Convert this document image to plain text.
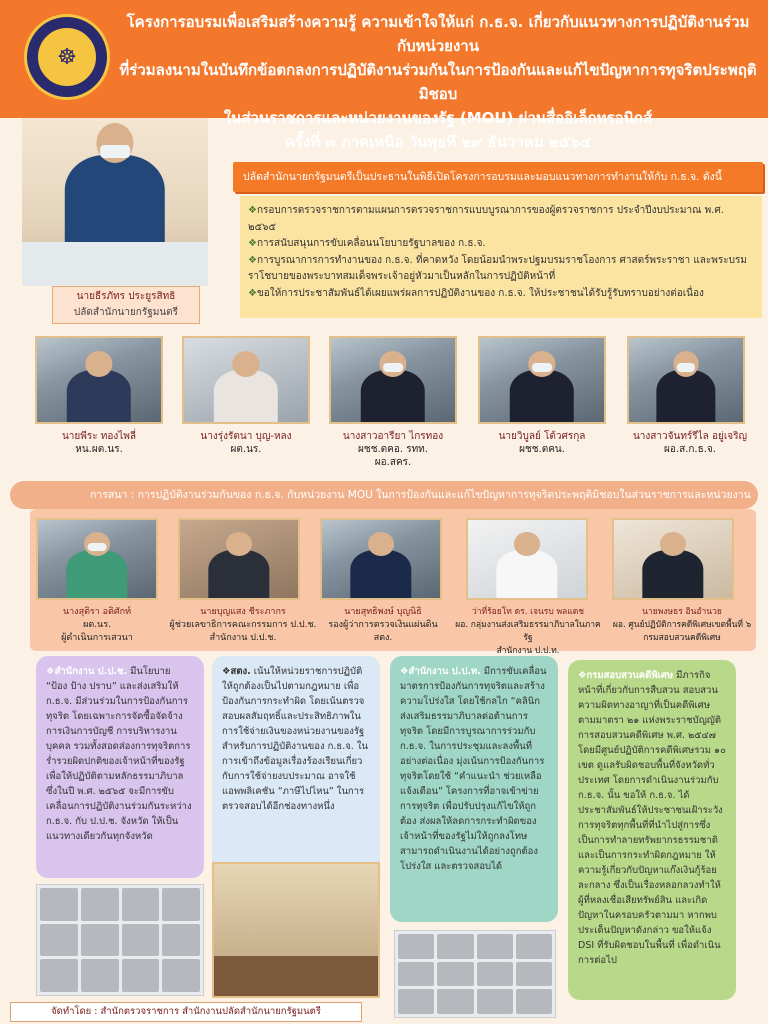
☸
โครงการอบรมเพื่อเสริมสร้างความรู้ ความเข้าใจให้แก่ ก.ธ.จ. เกี่ยวกับแนวทางการปฏิบัติงานร่วมกับหน่วยงาน
ที่ร่วมลงนามในบันทึกข้อตกลงการปฏิบัติงานร่วมกันในการป้องกันและแก้ไขปัญหาการทุจริตประพฤติมิชอบ
ในส่วนราชการและหน่วยงานของรัฐ (MOU) ผ่านสื่ออิเล็กทรอนิกส์
ครั้งที่ ๓ ภาคเหนือ วันพุธที่ ๒๙ ธันวาคม ๒๕๖๔
นายธีรภัทร ประยูรสิทธิ
ปลัดสำนักนายกรัฐมนตรี
ปลัดสำนักนายกรัฐมนตรีเป็นประธานในพิธีเปิดโครงการอบรมและมอบแนวทางการทำงานให้กับ ก.ธ.จ. ดังนี้

❖กรอบการตรวจราชการตามแผนการตรวจราชการแบบบูรณาการของผู้ตรวจราชการ ประจำปีงบประมาณ พ.ศ. ๒๕๖๕

❖การสนับสนุนการขับเคลื่อนนโยบายรัฐบาลของ ก.ธ.จ.

❖การบูรณาการการทำงานของ ก.ธ.จ. ที่คาดหวัง โดยน้อมนำพระปฐมบรมราชโองการ ศาสตร์พระราชา และพระบรมราโชบายของพระบาทสมเด็จพระเจ้าอยู่หัวมาเป็นหลักในการปฏิบัติหน้าที่

❖ขอให้การประชาสัมพันธ์ได้เผยแพร่ผลการปฏิบัติงานของ ก.ธ.จ. ให้ประชาชนได้รับรู้รับทราบอย่างต่อเนื่อง

นายพีระ ทองไพลี่
หน.ผต.นร.
นางรุ่งรัตนา บุญ-หลง
ผต.นร.
นางสาวอารียา ไกรทอง
ผชช.ตคอ. รทท.
ผอ.สคร.
นายวิบูลย์ โต้วศรกุล
ผชช.ตคน.
นางสาวจันทร์รีไล อยู่เจริญ
ผอ.ส.ก.ธ.จ.
การสนา : การปฏิบัติงานร่วมกันของ ก.ธ.จ. กับหน่วยงาน MOU ในการป้องกันและแก้ไขปัญหาการทุจริตประพฤติมิชอบในส่วนราชการและหน่วยงาน
นางสุติรา อติศักท์
ผต.นร.
ผู้ดำเนินการเสวนา
นายบุญแสง ชีระภากร
ผู้ช่วยเลขาธิการคณะกรรมการ ป.ป.ช.
สำนักงาน ป.ป.ช.
นายสุทธิพงษ์ บุญนิธิ
รองผู้ว่าการตรวจเงินแผ่นดิน
สตง.
ว่าที่ร้อยโท ดร. เจนรบ พลแดช
ผอ. กลุ่มงานส่งเสริมธรรมาภิบาลในภาครัฐ
สำนักงาน ป.ป.ท.
นายพงษธร อินอำนวย
ผอ. ศูนย์ปฏิบัติการคดีพิเศษเขตพื้นที่ ๖
กรมสอบสวนคดีพิเศษ
❖สำนักงาน ป.ป.ช. มีนโยบาย “ป้อง ป้าง ปราบ” และส่งเสริมให้ ก.ธ.จ. มีส่วนร่วมในการป้องกันการทุจริต โดยเฉพาะการจัดซื้อจัดจ้าง การเงินการบัญชี การบริหารงานบุคคล รวมทั้งสอดส่องการทุจริตการร่ำรวยผิดปกติของเจ้าหน้าที่ของรัฐ เพื่อให้ปฏิบัติตามหลักธรรมาภิบาล ซึ่งในปี พ.ศ. ๒๕๖๕ จะมีการขับเคลื่อนการปฏิบัติงานร่วมกันระหว่าง ก.ธ.จ. กับ ป.ป.ช. จังหวัด ให้เป็นแนวทางเดียวกันทุกจังหวัด
❖สตง. เน้นให้หน่วยราชการปฏิบัติให้ถูกต้องเป็นไปตามกฎหมาย เพื่อป้องกันการกระทำผิด โดยเน้นตรวจสอบผลสัมฤทธิ์และประสิทธิภาพในการใช้จ่ายเงินของหน่วยงานของรัฐ สำหรับการปฏิบัติงานของ ก.ธ.จ. ในการเข้าถึงข้อมูลเรื่องร้องเรียนเกี่ยวกับการใช้จ่ายงบประมาณ อาจใช้แอพพลิเคชัน “ภาษีไปไหน” ในการตรวจสอบได้อีกช่องทางหนึ่ง
❖สำนักงาน ป.ป.ท. มีการขับเคลื่อนมาตรการป้องกันการทุจริตและสร้างความโปร่งใส โดยใช้กลไก “คลินิกส่งเสริมธรรมาภิบาลต่อต้านการทุจริต โดยมีการบูรณาการร่วมกับ ก.ธ.จ. ในการประชุมและลงพื้นที่อย่างต่อเนื่อง มุ่งเน้นการป้องกันการทุจริตโดยใช้ “คำแนะนำ ช่วยเหลือ แจ้งเตือน” โครงการที่อาจเข้าข่ายการทุจริต เพื่อปรับปรุงแก้ไขให้ถูกต้อง ส่งผลให้ลดการกระทำผิดของเจ้าหน้าที่ของรัฐไม่ให้ถูกลงโทษ สามารถดำเนินงานได้อย่างถูกต้อง โปร่งใส และตรวจสอบได้
❖กรมสอบสวนคดีพิเศษ มีภารกิจหน้าที่เกี่ยวกับการสืบสวน สอบสวนความผิดทางอาญาที่เป็นคดีพิเศษตามมาตรา ๒๑ แห่งพระราชบัญญัติการสอบสวนคดีพิเศษ พ.ศ. ๒๕๔๗ โดยมีศูนย์ปฏิบัติการคดีพิเศษรวม ๑๐ เขต ดูแลรับผิดชอบพื้นที่จังหวัดทั่วประเทศ โดยการดำเนินงานร่วมกับ ก.ธ.จ. นั้น ขอให้ ก.ธ.จ. ได้ประชาสัมพันธ์ให้ประชาชนเฝ้าระวังการทุจริตทุกพื้นที่ที่นำไปสู่การซึ่งเป็นการทำลายทรัพยากรธรรมชาติ และเป็นการกระทำผิดกฎหมาย ให้ความรู้เกี่ยวกับปัญหาแก๊งเงินกู้ร้อยละกลาง ซึ่งเป็นเรื่องหลอกลวงทำให้ผู้ที่หลงเชื่อเสียทรัพย์สิน และเกิดปัญหาในครอบครัวตามมา หากพบประเด็นปัญหาดังกล่าว ขอให้แจ้ง DSI ที่รับผิดชอบในพื้นที่ เพื่อดำเนินการต่อไป
จัดทำโดย : สำนักตรวจราชการ สำนักงานปลัดสำนักนายกรัฐมนตรี
